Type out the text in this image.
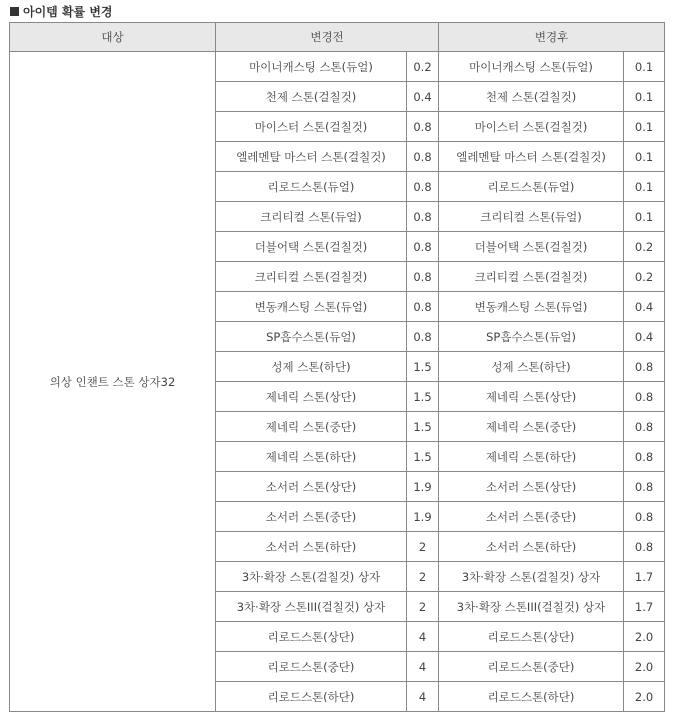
아이템 확률 변경
대상	변경전		변경후	
의상 인챈트 스톤 상자32	마이너캐스팅 스톤(듀얼)	0.2	마이너캐스팅 스톤(듀얼)	0.1
	천제 스톤(걸칠것)	0.4	천제 스톤(걸칠것)	0.1
	마이스터 스톤(걸칠것)	0.8	마이스터 스톤(걸칠것)	0.1
	엘레멘탈 마스터 스톤(걸칠것)	0.8	엘레멘탈 마스터 스톤(걸칠것)	0.1
	리로드스톤(듀얼)	0.8	리로드스톤(듀얼)	0.1
	크리티컬 스톤(듀얼)	0.8	크리티컬 스톤(듀얼)	0.1
	더블어택 스톤(걸칠것)	0.8	더블어택 스톤(걸칠것)	0.2
	크리티컬 스톤(걸칠것)	0.8	크리티컬 스톤(걸칠것)	0.2
	변동캐스팅 스톤(듀얼)	0.8	변동캐스팅 스톤(듀얼)	0.4
	SP흡수스톤(듀얼)	0.8	SP흡수스톤(듀얼)	0.4
	성제 스톤(하단)	1.5	성제 스톤(하단)	0.8
	제네릭 스톤(상단)	1.5	제네릭 스톤(상단)	0.8
	제네릭 스톤(중단)	1.5	제네릭 스톤(중단)	0.8
	제네릭 스톤(하단)	1.5	제네릭 스톤(하단)	0.8
	소서러 스톤(상단)	1.9	소서러 스톤(상단)	0.8
	소서러 스톤(중단)	1.9	소서러 스톤(중단)	0.8
	소서러 스톤(하단)	2	소서러 스톤(하단)	0.8
	3차·확장 스톤(걸칠것) 상자	2	3차·확장 스톤(걸칠것) 상자	1.7
	3차·확장 스톤III(걸칠것) 상자	2	3차·확장 스톤III(걸칠것) 상자	1.7
	리로드스톤(상단)	4	리로드스톤(상단)	2.0
	리로드스톤(중단)	4	리로드스톤(중단)	2.0
	리로드스톤(하단)	4	리로드스톤(하단)	2.0
